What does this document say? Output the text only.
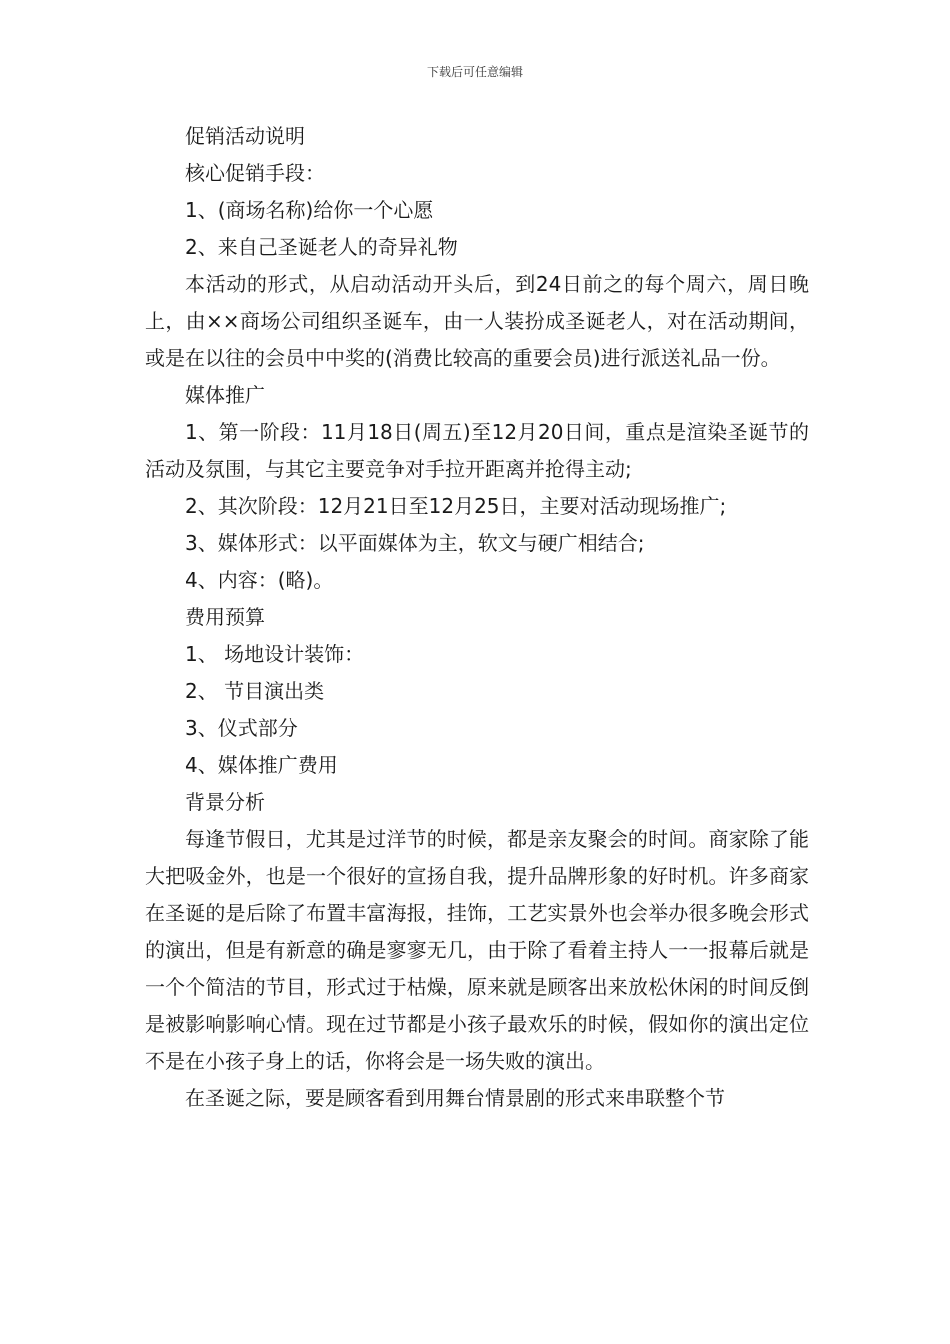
下载后可任意编辑

促销活动说明

核心促销手段：

1、(商场名称)给你一个心愿

2、来自己圣诞老人的奇异礼物

本活动的形式，从启动活动开头后，到24日前之的每个周六，周日晚上，由××商场公司组织圣诞车，由一人装扮成圣诞老人，对在活动期间，或是在以往的会员中中奖的(消费比较高的重要会员)进行派送礼品一份。

媒体推广

1、第一阶段：11月18日(周五)至12月20日间，重点是渲染圣诞节的活动及氛围，与其它主要竞争对手拉开距离并抢得主动;

2、其次阶段：12月21日至12月25日，主要对活动现场推广;

3、媒体形式：以平面媒体为主，软文与硬广相结合;

4、内容：(略)。

费用预算

1、 场地设计装饰：

2、 节目演出类

3、仪式部分

4、媒体推广费用

背景分析

每逢节假日，尤其是过洋节的时候，都是亲友聚会的时间。商家除了能大把吸金外，也是一个很好的宣扬自我，提升品牌形象的好时机。许多商家在圣诞的是后除了布置丰富海报，挂饰，工艺实景外也会举办很多晚会形式的演出，但是有新意的确是寥寥无几，由于除了看着主持人一一报幕后就是一个个简洁的节目，形式过于枯燥，原来就是顾客出来放松休闲的时间反倒是被影响影响心情。现在过节都是小孩子最欢乐的时候，假如你的演出定位不是在小孩子身上的话，你将会是一场失败的演出。

在圣诞之际，要是顾客看到用舞台情景剧的形式来串联整个节
